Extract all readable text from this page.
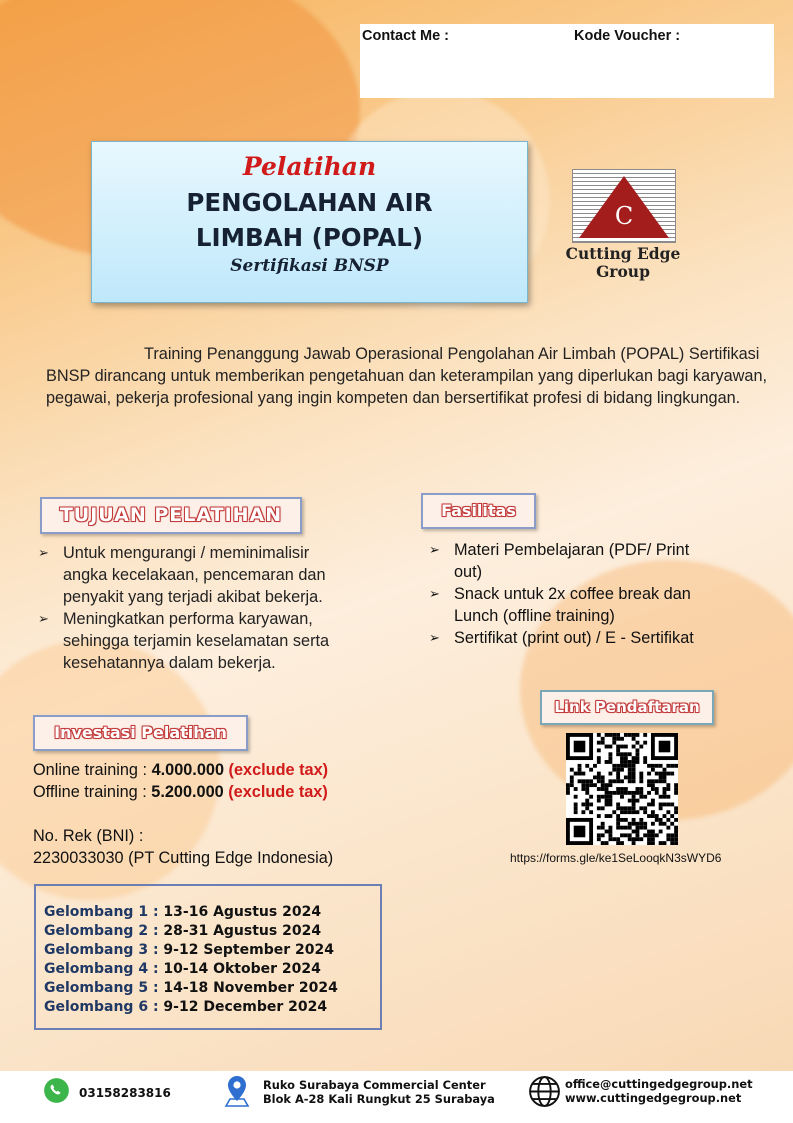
Contact Me :	Kode Voucher :
Pelatihan
PENGOLAHAN AIR
LIMBAH (POPAL)
Sertifikasi BNSP
C
Cutting Edge
Group
Training Penanggung Jawab Operasional Pengolahan Air Limbah (POPAL) Sertifikasi BNSP dirancang untuk memberikan pengetahuan dan keterampilan yang diperlukan bagi karyawan, pegawai, pekerja profesional yang ingin kompeten dan bersertifikat profesi di bidang lingkungan.
TUJUAN PELATIHAN
➢ Untuk mengurangi / meminimalisir
angka kecelakaan, pencemaran dan
penyakit yang terjadi akibat bekerja.
➢ Meningkatkan performa karyawan,
sehingga terjamin keselamatan serta
kesehatannya dalam bekerja.
Fasilitas
➢ Materi Pembelajaran (PDF/ Print
out)
➢ Snack untuk 2x coffee break dan
Lunch (offline training)
➢ Sertifikat (print out) / E - Sertifikat
Investasi Pelatihan
Online training : 4.000.000 (exclude tax)
Offline training : 5.200.000 (exclude tax)
No. Rek (BNI) :
2230033030 (PT Cutting Edge Indonesia)
Gelombang 1 : 13-16 Agustus 2024
Gelombang 2 : 28-31 Agustus 2024
Gelombang 3 : 9-12 September 2024
Gelombang 4 : 10-14 Oktober 2024
Gelombang 5 : 14-18 November 2024
Gelombang 6 : 9-12 December 2024
Link Pendaftaran
https://forms.gle/ke1SeLooqkN3sWYD6
03158283816
Ruko Surabaya Commercial Center
Blok A-28 Kali Rungkut 25 Surabaya
office@cuttingedgegroup.net
www.cuttingedgegroup.net
